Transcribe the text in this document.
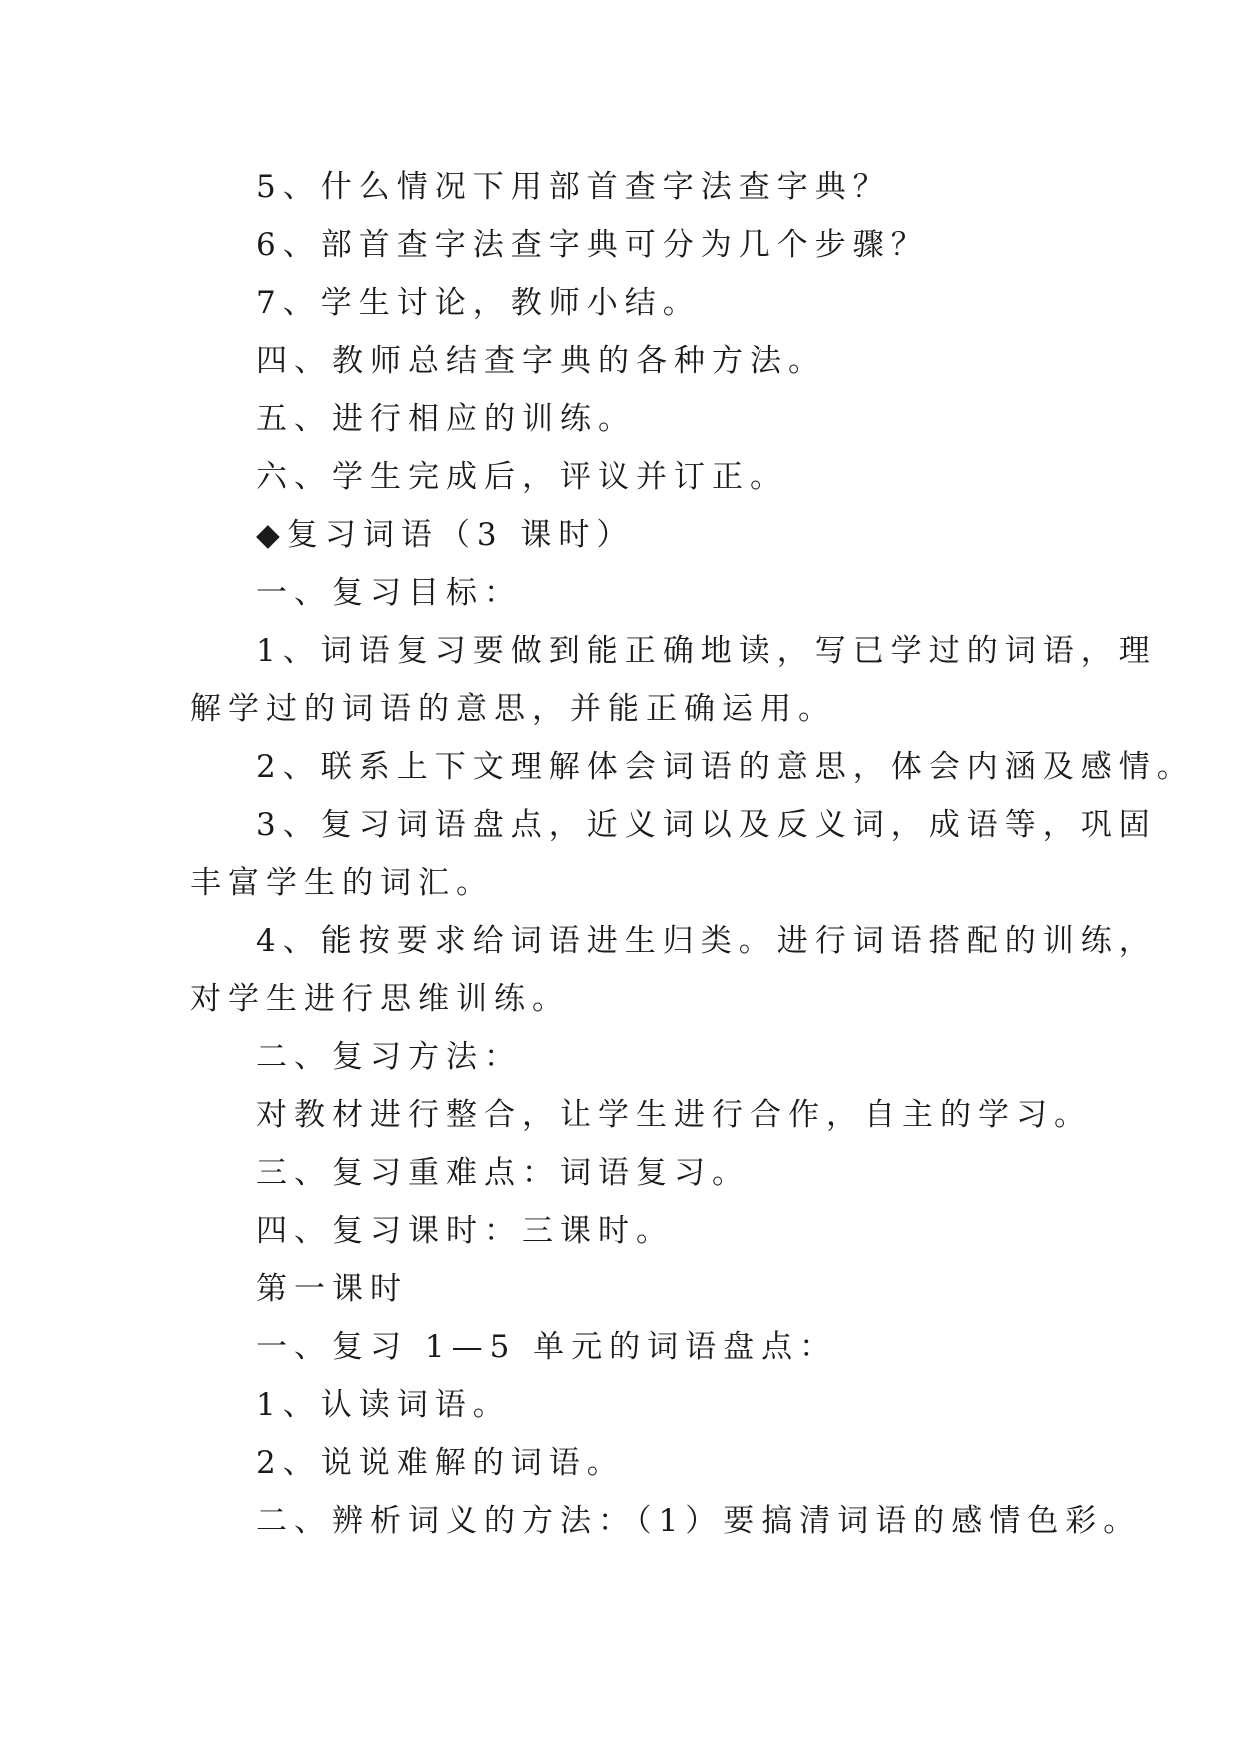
5、什么情况下用部首查字法查字典？
6、部首查字法查字典可分为几个步骤？
7、学生讨论，教师小结。
四、教师总结查字典的各种方法。
五、进行相应的训练。
六、学生完成后，评议并订正。
◆复习词语（3 课时）
一、复习目标：
1、词语复习要做到能正确地读，写已学过的词语，理
解学过的词语的意思，并能正确运用。
2、联系上下文理解体会词语的意思，体会内涵及感情。
3、复习词语盘点，近义词以及反义词，成语等，巩固
丰富学生的词汇。
4、能按要求给词语进生归类。进行词语搭配的训练，
对学生进行思维训练。
二、复习方法：
对教材进行整合，让学生进行合作，自主的学习。
三、复习重难点：词语复习。
四、复习课时：三课时。
第一课时
一、复习 1—5 单元的词语盘点：
1、认读词语。
2、说说难解的词语。
二、辨析词义的方法：（1）要搞清词语的感情色彩。
